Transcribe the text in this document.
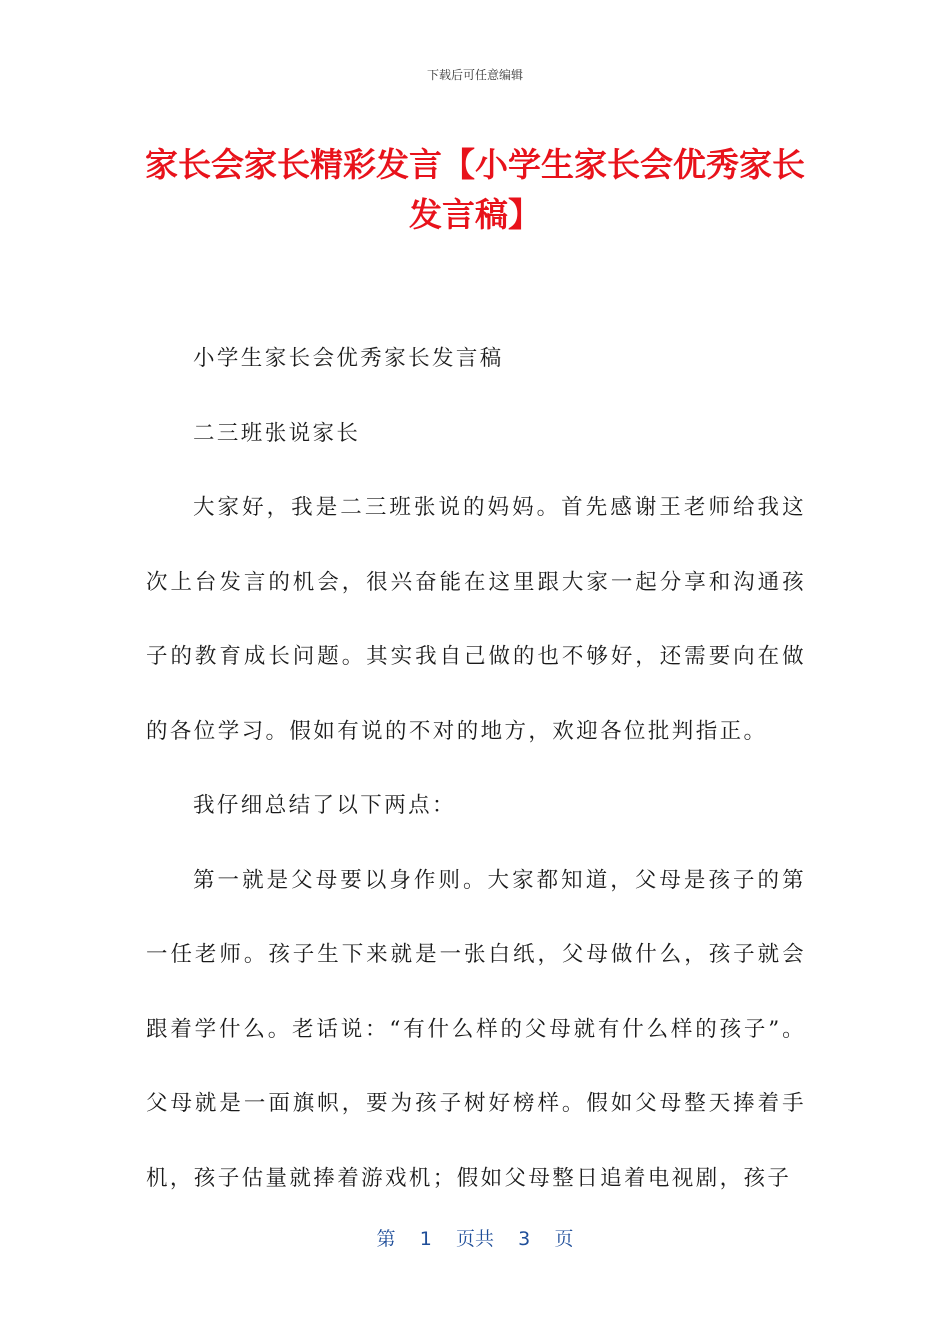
下载后可任意编辑
家长会家长精彩发言【小学生家长会优秀家长发言稿】

小学生家长会优秀家长发言稿

二三班张说家长

大家好，我是二三班张说的妈妈。首先感谢王老师给我这次上台发言的机会，很兴奋能在这里跟大家一起分享和沟通孩子的教育成长问题。其实我自己做的也不够好，还需要向在做的各位学习。假如有说的不对的地方，欢迎各位批判指正。

我仔细总结了以下两点：

第一就是父母要以身作则。大家都知道，父母是孩子的第一任老师。孩子生下来就是一张白纸，父母做什么，孩子就会跟着学什么。老话说：“有什么样的父母就有什么样的孩子”。父母就是一面旗帜，要为孩子树好榜样。假如父母整天捧着手机，孩子估量就捧着游戏机；假如父母整日追着电视剧，孩子

第 1 页共 3 页
